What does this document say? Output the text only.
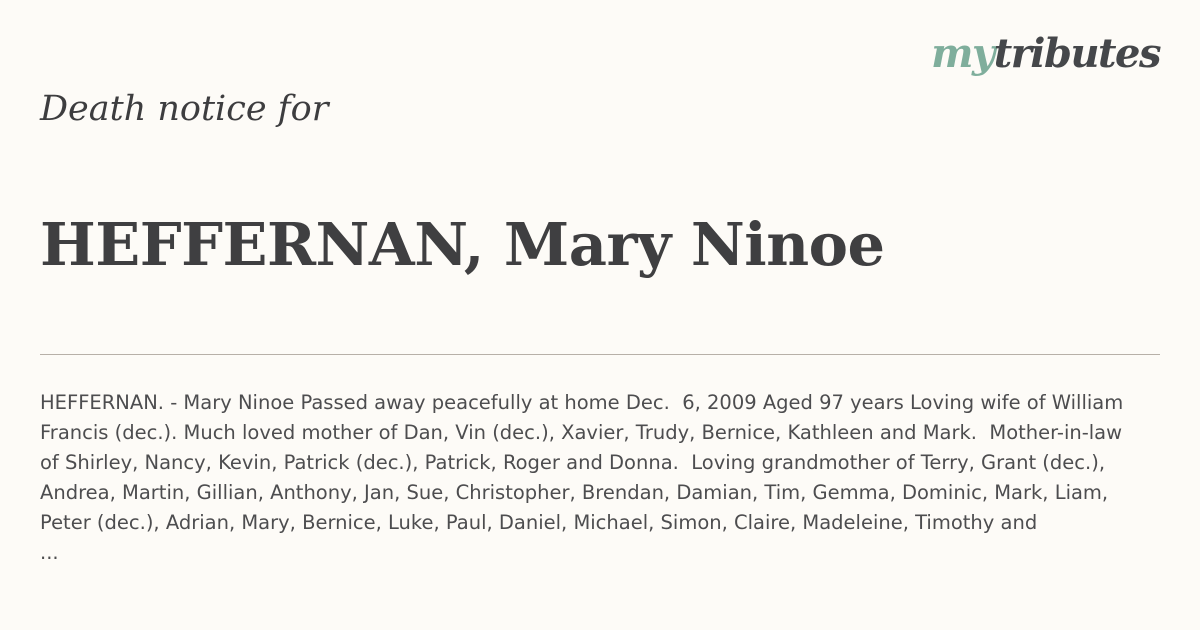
mytributes
Death notice for
HEFFERNAN, Mary Ninoe
HEFFERNAN. - Mary Ninoe Passed away peacefully at home Dec.  6, 2009 Aged 97 years Loving wife of William Francis (dec.). Much loved mother of Dan, Vin (dec.), Xavier, Trudy, Bernice, Kathleen and Mark.  Mother-in-law of Shirley, Nancy, Kevin, Patrick (dec.), Patrick, Roger and Donna.  Loving grandmother of Terry, Grant (dec.), Andrea, Martin, Gillian, Anthony, Jan, Sue, Christopher, Brendan, Damian, Tim, Gemma, Dominic, Mark, Liam, Peter (dec.), Adrian, Mary, Bernice, Luke, Paul, Daniel, Michael, Simon, Claire, Madeleine, Timothy and
...
